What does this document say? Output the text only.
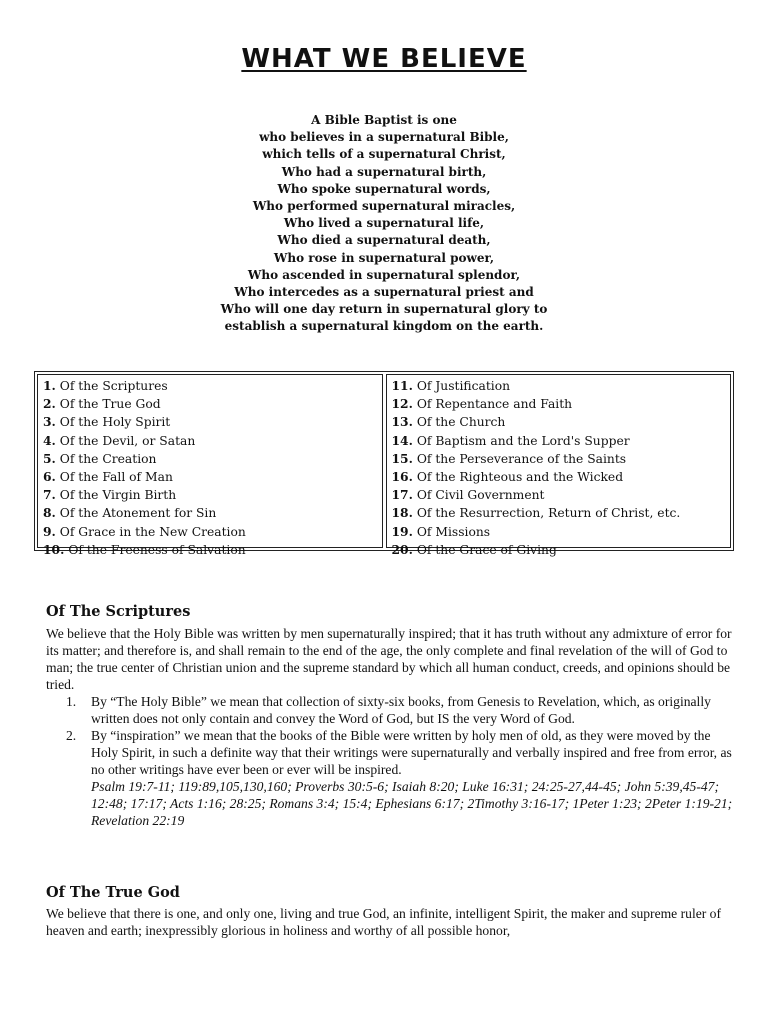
WHAT WE BELIEVE
A Bible Baptist is one
who believes in a supernatural Bible,
which tells of a supernatural Christ,
Who had a supernatural birth,
Who spoke supernatural words,
Who performed supernatural miracles,
Who lived a supernatural life,
Who died a supernatural death,
Who rose in supernatural power,
Who ascended in supernatural splendor,
Who intercedes as a supernatural priest and
Who will one day return in supernatural glory to
establish a supernatural kingdom on the earth.
1. Of the Scriptures
2. Of the True God
3. Of the Holy Spirit
4. Of the Devil, or Satan
5. Of the Creation
6. Of the Fall of Man
7. Of the Virgin Birth
8. Of the Atonement for Sin
9. Of Grace in the New Creation
10. Of the Freeness of Salvation
11. Of Justification
12. Of Repentance and Faith
13. Of the Church
14. Of Baptism and the Lord's Supper
15. Of the Perseverance of the Saints
16. Of the Righteous and the Wicked
17. Of Civil Government
18. Of the Resurrection, Return of Christ, etc.
19. Of Missions
20. Of the Grace of Giving
Of The Scriptures
We believe that the Holy Bible was written by men supernaturally inspired; that it has truth without any admixture of error for its matter; and therefore is, and shall remain to the end of the age, the only complete and final revelation of the will of God to man; the true center of Christian union and the supreme standard by which all human conduct, creeds, and opinions should be tried.
1.	By “The Holy Bible” we mean that collection of sixty-six books, from Genesis to Revelation, which, as originally written does not only contain and convey the Word of God, but IS the very Word of God.
2.	By “inspiration” we mean that the books of the Bible were written by holy men of old, as they were moved by the Holy Spirit, in such a definite way that their writings were supernaturally and verbally inspired and free from error, as no other writings have ever been or ever will be inspired.
Psalm 19:7-11; 119:89,105,130,160; Proverbs 30:5-6; Isaiah 8:20; Luke 16:31; 24:25-27,44-45; John 5:39,45-47; 12:48; 17:17; Acts 1:16; 28:25; Romans 3:4; 15:4; Ephesians 6:17; 2Timothy 3:16-17; 1Peter 1:23; 2Peter 1:19-21; Revelation 22:19
Of The True God
We believe that there is one, and only one, living and true God, an infinite, intelligent Spirit, the maker and supreme ruler of heaven and earth; inexpressibly glorious in holiness and worthy of all possible honor,
